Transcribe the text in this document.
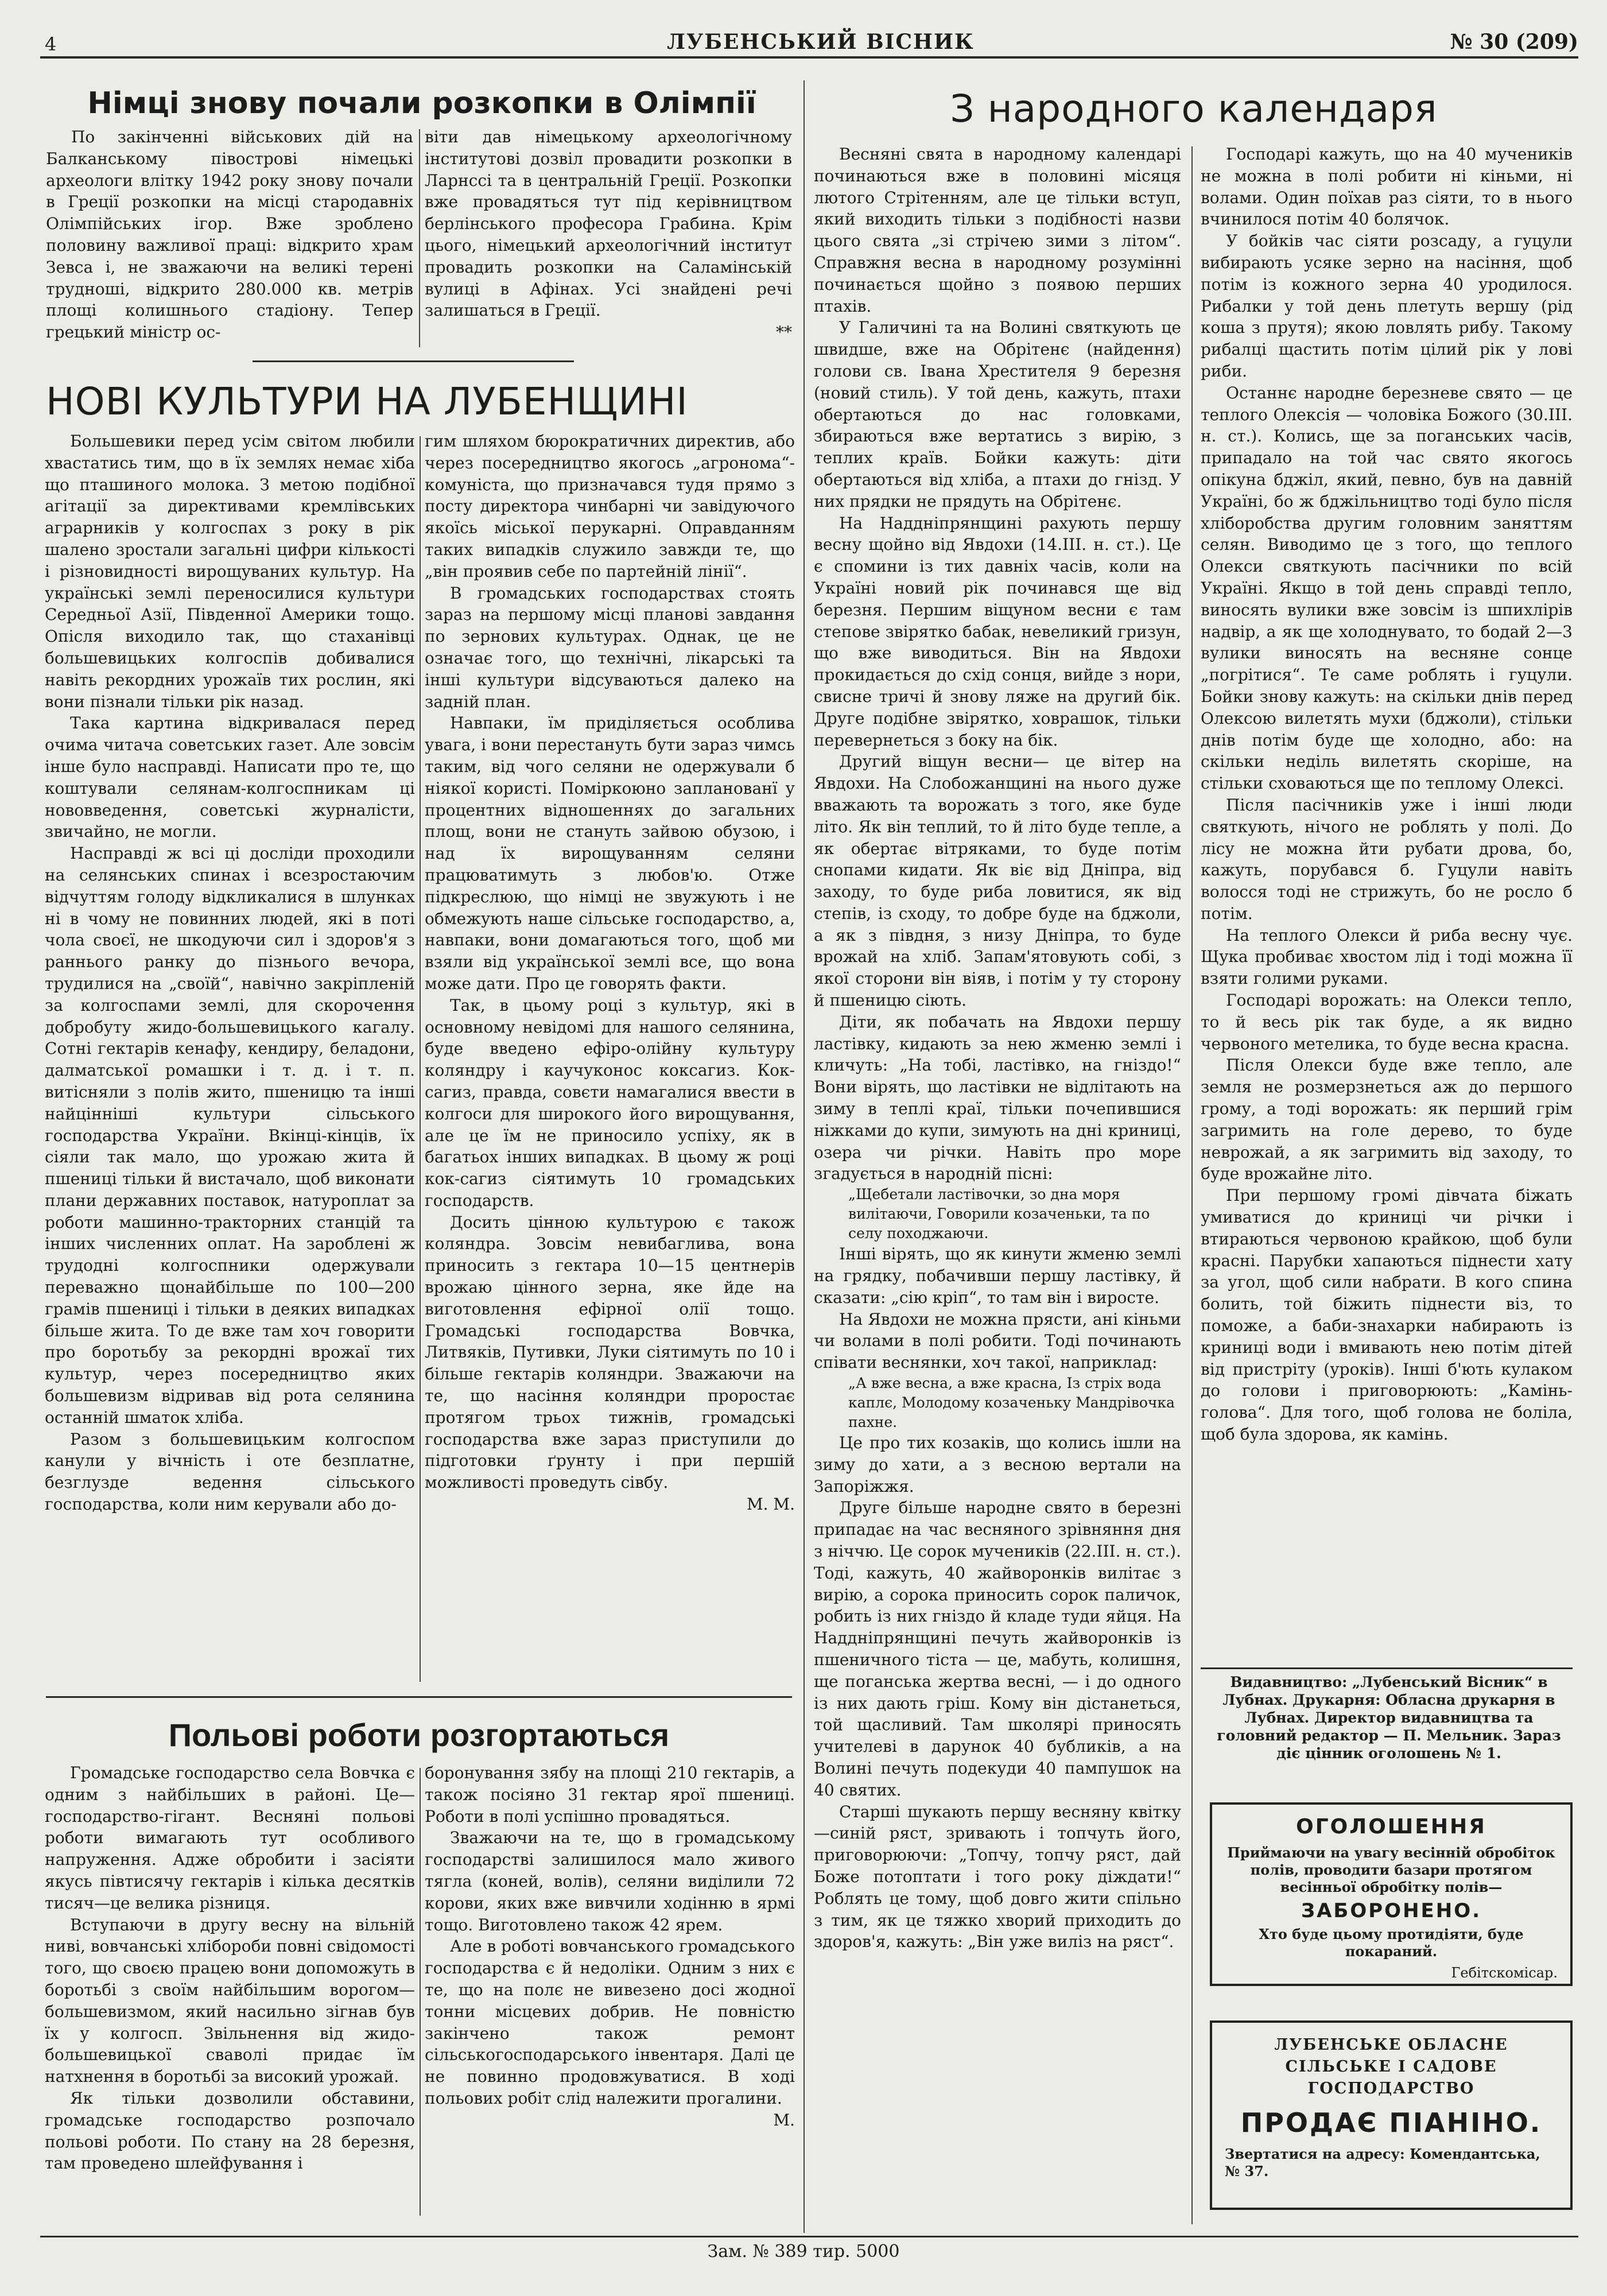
4	ЛУБЕНСЬКИЙ ВІСНИК	№ 30 (209)
Німці знову почали розкопки в Олімпії

По закінченні військових дій на Балканському півострові німецькі археологи влітку 1942 року знову почали в Греції розкопки на місці стародавніх Олімпійських ігор. Вже зроблено половину важливої праці: відкрито храм Зевса і, не зважаючи на великі терені трудноші, відкрито 280.000 кв. метрів площі колишнього стадіону. Тепер грецький міністр ос-

віти дав німецькому археологічному інститутові дозвіл провадити розкопки в Ларнссі та в центральній Греції. Розкопки вже провадяться тут під керівництвом берлінського професора Грабина. Крім цього, німецький археологічний інститут провадить розкопки на Саламінській вулиці в Афінах. Усі знайдені речі залишаться в Греції.

**

НОВІ КУЛЬТУРИ НА ЛУБЕНЩИНІ

Большевики перед усім світом любили хвастатись тим, що в їх землях немає хіба що пташиного молока. З метою подібної агітації за директивами кремлівських аграрників у колгоспах з року в рік шалено зростали загальні цифри кількості і різновидності вирощуваних культур. На українські землі переносилися культури Середньої Азії, Південної Америки тощо. Опісля виходило так, що стаханівці большевицьких колгоспів добивалися навіть рекордних урожаїв тих рослин, які вони пізнали тільки рік назад.

Така картина відкривалася перед очима читача советських газет. Але зовсім інше було насправді. Написати про те, що коштували селянам-колгоспникам ці нововведення, советські журналісти, звичайно, не могли.

Насправді ж всі ці досліди проходили на селянських спинах і всезростаючим відчуттям голоду відкликалися в шлунках ні в чому не повинних людей, які в поті чола своєї, не шкодуючи сил і здоров'я з раннього ранку до пізнього вечора, трудилися на „своїй“, навічно закріпленій за колгоспами землі, для скорочення добробуту жидо-большевицького кагалу. Сотні гектарів кенафу, кендиру, беладони, далматської ромашки і т. д. і т. п. витісняли з полів жито, пшеницю та інші найцінніші культури сільського господарства України. Вкінці-кінців, їх сіяли так мало, що урожаю жита й пшениці тільки й вистачало, щоб виконати плани державних поставок, натуроплат за роботи машинно-тракторних станцій та інших численних оплат. На зароблені ж трудодні колгоспники одержували переважно щонайбільше по 100—200 грамів пшениці і тільки в деяких випадках більше жита. То де вже там хоч говорити про боротьбу за рекордні врожаї тих культур, через посередництво яких большевизм відривав від рота селянина останній шматок хліба.

Разом з большевицьким колгоспом канули у вічність і оте безплатне, безглузде ведення сільського господарства, коли ним керували або до-

гим шляхом бюрократичних директив, або через посередництво якогось „агронома“-комуніста, що призначався тудя прямо з посту директора чинбарні чи завідуючого якоїсь міської перукарні. Оправданням таких випадків служило завжди те, що „він проявив себе по партейній лінії“.

В громадських господарствах стоять зараз на першому місці планові завдання по зернових культурах. Однак, це не означає того, що технічні, лікарські та інші культури відсуваються далеко на задній план.

Навпаки, їм приділяється особлива увага, і вони перестануть бути зараз чимсь таким, від чого селяни не одержували б ніякої користі. Поміркоюно запланованї у процентних відношеннях до загальних площ, вони не стануть зайвою обузою, і над їх вирощуванням селяни працюватимуть з любов'ю. Отже підкреслюю, що німці не звужують і не обмежують наше сільське господарство, а, навпаки, вони домагаються того, щоб ми взяли від української землі все, що вона може дати. Про це говорять факти.

Так, в цьому році з культур, які в основному невідомі для нашого селянина, буде введено ефіро-олійну культуру коляндру і каучуконос коксагиз. Кок-сагиз, правда, совєти намагалися ввести в колгоси для широкого його вирощування, але це їм не приносило успіху, як в багатьох інших випадках. В цьому ж році кок-сагиз сіятимуть 10 громадських господарств.

Досить цінною культурою є також коляндра. Зовсім невибаглива, вона приносить з гектара 10—15 центнерів врожаю цінного зерна, яке йде на виготовлення ефірної олії тощо. Громадські господарства Вовчка, Литвяків, Путивки, Луки сіятимуть по 10 і більше гектарів коляндри. Зважаючи на те, що насіння коляндри проростає протягом трьох тижнів, громадські господарства вже зараз приступили до підготовки ґрунту і при першій можливості проведуть сівбу.

М. М.

Польові роботи розгортаються

Громадське господарство села Вовчка є одним з найбільших в районі. Це—господарство-гігант. Весняні польові роботи вимагають тут особливого напруження. Адже обробити і засіяти якусь півтисячу гектарів і кілька десятків тисяч—це велика різниця.

Вступаючи в другу весну на вільній ниві, вовчанські хлібороби повні свідомості того, що своєю працею вони допоможуть в боротьбі з своїм найбільшим ворогом—большевизмом, який насильно зігнав був їх у колгосп. Звільнення від жидо-большевицької сваволі придає їм натхнення в боротьбі за високий урожай.

Як тільки дозволили обставини, громадське господарство розпочало польові роботи. По стану на 28 березня, там проведено шлейфування і

боронування зябу на площі 210 гектарів, а також посіяно 31 гектар ярої пшениці. Роботи в полі успішно провадяться.

Зважаючи на те, що в громадському господарстві залишилося мало живого тягла (коней, волів), селяни виділили 72 корови, яких вже вивчили ходінню в ярмі тощо. Виготовлено також 42 ярем.

Але в роботі вовчанського громадського господарства є й недоліки. Одним з них є те, що на полє не вивезено досі жодної тонни місцевих добрив. Не повністю закінчено також ремонт сільськогосподарського інвентаря. Далі це не повинно продовжуватися. В ході польових робіт слід належити прогалини.

М.

З народного календаря

Весняні свята в народному календарі починаються вже в половині місяця лютого Стрітенням, але це тільки вступ, який виходить тільки з подібності назви цього свята „зі стрічею зими з літом“. Справжня весна в народному розумінні починається щойно з появою перших птахів.

У Галичині та на Волині святкують це швидше, вже на Обрітенє (найдення) голови св. Івана Хрестителя 9 березня (новий стиль). У той день, кажуть, птахи обертаються до нас головками, збираються вже вертатись з вирію, з теплих країв. Бойки кажуть: діти обертаються від хліба, а птахи до гнізд. У них прядки не прядуть на Обрітенє.

На Наддніпрянщині рахують першу весну щойно від Явдохи (14.ІІІ. н. ст.). Це є спомини із тих давніх часів, коли на Україні новий рік починався ще від березня. Першим віщуном весни є там степове звірятко бабак, невеликий гризун, що вже виводиться. Він на Явдохи прокидається до схід сонця, вийде з нори, свисне тричі й знову ляже на другий бік. Друге подібне звірятко, ховрашок, тільки перевернеться з боку на бік.

Другий віщун весни— це вітер на Явдохи. На Слобожанщині на нього дуже вважають та ворожать з того, яке буде літо. Як він теплий, то й літо буде тепле, а як обертає вітряками, то буде потім снопами кидати. Як віє від Дніпра, від заходу, то буде риба ловитися, як від степів, із сходу, то добре буде на бджоли, а як з півдня, з низу Дніпра, то буде врожай на хліб. Запам'ятовують собі, з якої сторони він віяв, і потім у ту сторону й пшеницю сіють.

Діти, як побачать на Явдохи першу ластівку, кидають за нею жменю землі і кличуть: „На тобі, ластівко, на гніздо!“ Вони вірять, що ластівки не відлітають на зиму в теплі краї, тільки почепившися ніжками до купи, зимують на дні криниці, озера чи річки. Навіть про море згадується в народній пісні:

„Щебетали ластівочки, зо дна моря вилітаючи, Говорили козаченьки, та по селу походжаючи.

Інші вірять, що як кинути жменю землі на грядку, побачивши першу ластівку, й сказати: „сію кріп“, то там він і виросте.

На Явдохи не можна прясти, ані кіньми чи волами в полі робити. Тоді починають співати веснянки, хоч такої, наприклад:

„А вже весна, а вже красна, Із стріх вода каплє, Молодому козаченьку Мандрівочка пахне.

Це про тих козаків, що колись ішли на зиму до хати, а з весною вертали на Запоріжжя.

Друге більше народне свято в березні припадає на час весняного зрівняння дня з ніччю. Це сорок мучеників (22.ІІІ. н. ст.). Тоді, кажуть, 40 жайворонків вилітає з вирію, а сорока приносить сорок паличок, робить із них гніздо й кладе туди яйця. На Наддніпрянщині печуть жайворонків із пшеничного тіста — це, мабуть, колишня, ще поганська жертва весні, — і до одного із них дають гріш. Кому він дістанеться, той щасливий. Там школярі приносять учителеві в дарунок 40 бубликів, а на Волині печуть подекуди 40 пампушок на 40 святих.

Старші шукають першу весняну квітку—синій ряст, зривають і топчуть його, приговорюючи: „Топчу, топчу ряст, дай Боже потоптати і того року діждати!“ Роблять це тому, щоб довго жити спільно з тим, як це тяжко хворий приходить до здоров'я, кажуть: „Він уже виліз на ряст“.

Господарі кажуть, що на 40 мучеників не можна в полі робити ні кіньми, ні волами. Один поїхав раз сіяти, то в нього вчинилося потім 40 болячок.

У бойків час сіяти розсаду, а гуцули вибирають усяке зерно на насіння, щоб потім із кожного зерна 40 уродилося. Рибалки у той день плетуть вершу (рід коша з прутя); якою ловлять рибу. Такому рибалці щастить потім цілий рік у лові риби.

Останнє народне березневе свято — це теплого Олексія — чоловіка Божого (30.ІІІ. н. ст.). Колись, ще за поганських часів, припадало на той час свято якогось опікуна бджіл, який, певно, був на давній Україні, бо ж бджільництво тоді було після хліборобства другим головним заняттям селян. Виводимо це з того, що теплого Олекси святкують пасічники по всій Україні. Якщо в той день справді тепло, виносять вулики вже зовсім із шпихлірів надвір, а як ще холоднувато, то бодай 2—3 вулики виносять на весняне сонце „погрітися“. Те саме роблять і гуцули. Бойки знову кажуть: на скільки днів перед Олексою вилетять мухи (бджоли), стільки днів потім буде ще холодно, або: на скільки неділь вилетять скоріше, на стільки сховаються ще по теплому Олексі.

Після пасічників уже і інші люди святкують, нічого не роблять у полі. До лісу не можна йти рубати дрова, бо, кажуть, порубався б. Гуцули навіть волосся тоді не стрижуть, бо не росло б потім.

На теплого Олекси й риба весну чує. Щука пробиває хвостом лід і тоді можна її взяти голими руками.

Господарі ворожать: на Олекси тепло, то й весь рік так буде, а як видно червоного метелика, то буде весна красна.

Після Олекси буде вже тепло, але земля не розмерзнеться аж до першого грому, а тоді ворожать: як перший грім загримить на голе дерево, то буде неврожай, а як загримить від заходу, то буде врожайне літо.

При першому громі дівчата біжать умиватися до криниці чи річки і втираються червоною крайкою, щоб були красні. Парубки хапаються піднести хату за угол, щоб сили набрати. В кого спина болить, той біжить піднести віз, то поможе, а баби-знахарки набирають із криниці води і вмивають нею потім дітей від пристріту (уроків). Інші б'ють кулаком до голови і приговорюють: „Камінь-голова“. Для того, щоб голова не боліла, щоб була здорова, як камінь.

Видавництво: „Лубенський Вісник“ в Лубнах. Друкарня: Обласна друкарня в Лубнах. Директор видавництва та головний редактор — П. Мельник. Зараз діє цінник оголошень № 1.

ОГОЛОШЕННЯ
Приймаючи на увагу весінній обробіток полів, проводити базари протягом весінньої обробітку полів—
ЗАБОРОНЕНО.
Хто буде цьому протидіяти, буде покараний.
Гебітскомісар.
ЛУБЕНСЬКЕ ОБЛАСНЕ СІЛЬСЬКЕ І САДОВЕ ГОСПОДАРСТВО
ПРОДАЄ ПІАНІНО.
Звертатися на адресу: Комендантська, № 37.
Зам. № 389 тир. 5000
